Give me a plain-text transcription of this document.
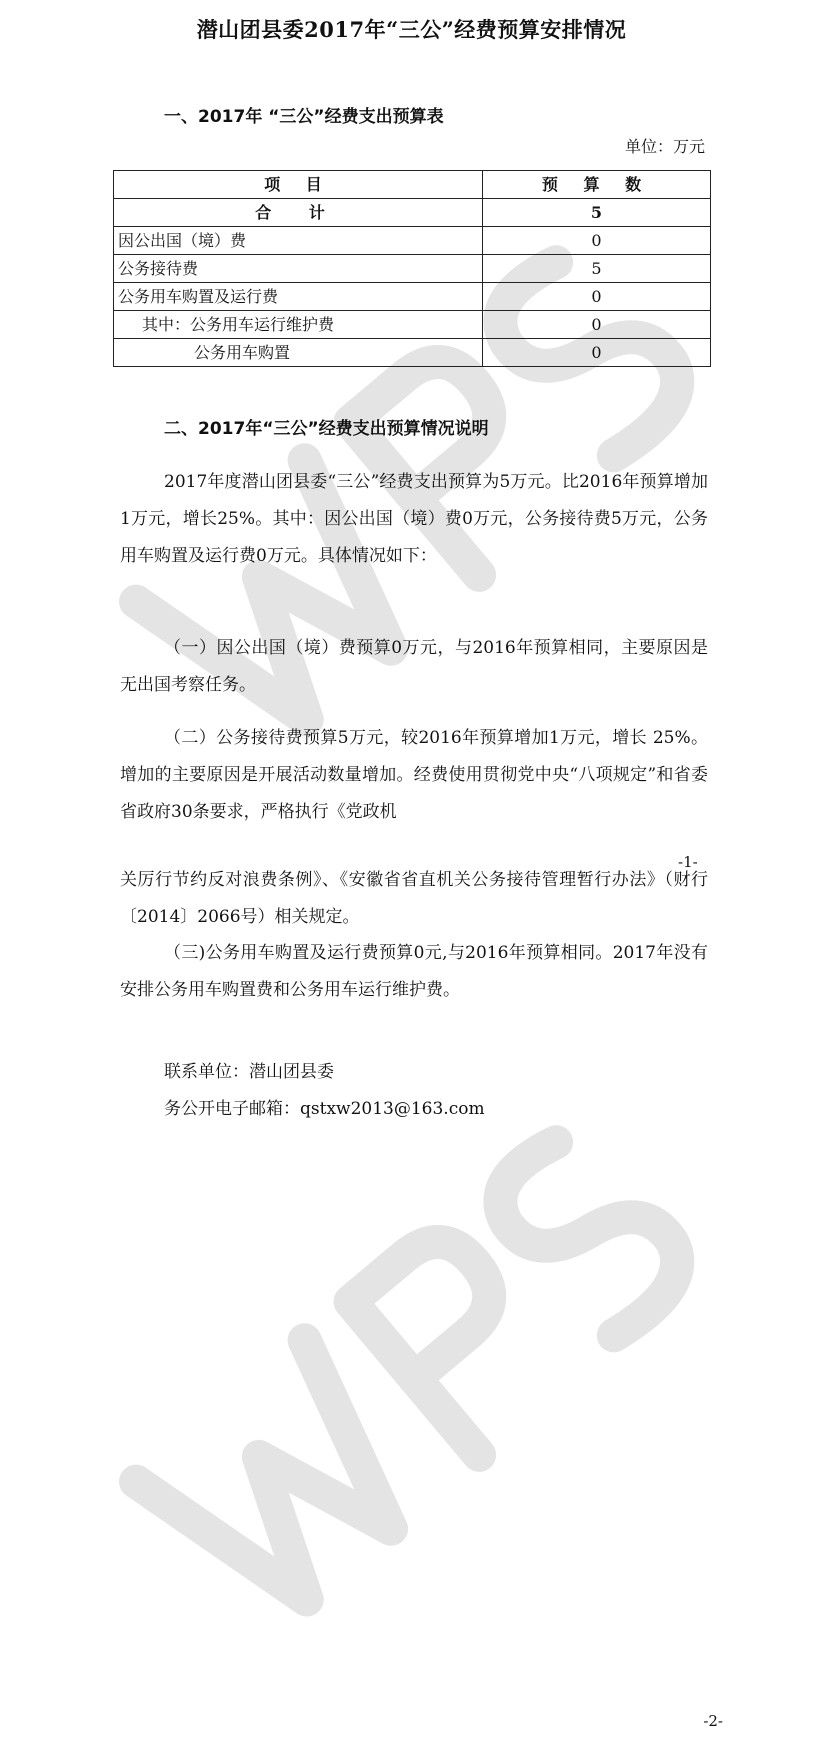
潜山团县委2017年“三公”经费预算安排情况
一、2017年 “三公”经费支出预算表
单位：万元
项 目	预 算 数
合 计	5
因公出国（境）费	0
公务接待费	5
公务用车购置及运行费	0
其中：公务用车运行维护费	0
公务用车购置	0
二、2017年“三公”经费支出预算情况说明
2017年度潜山团县委“三公”经费支出预算为5万元。比2016年预算增加1万元，增长25%。其中：因公出国（境）费0万元，公务接待费5万元，公务用车购置及运行费0万元。具体情况如下：
（一）因公出国（境）费预算0万元，与2016年预算相同，主要原因是无出国考察任务。
（二）公务接待费预算5万元，较2016年预算增加1万元，增长 25%。增加的主要原因是开展活动数量增加。经费使用贯彻党中央“八项规定”和省委省政府30条要求，严格执行《党政机
-1-
关厉行节约反对浪费条例》、《安徽省省直机关公务接待管理暂行办法》（财行〔2014〕2066号）相关规定。
（三)公务用车购置及运行费预算0元,与2016年预算相同。2017年没有安排公务用车购置费和公务用车运行维护费。
联系单位：潜山团县委
务公开电子邮箱：qstxw2013@163.com
-2-
